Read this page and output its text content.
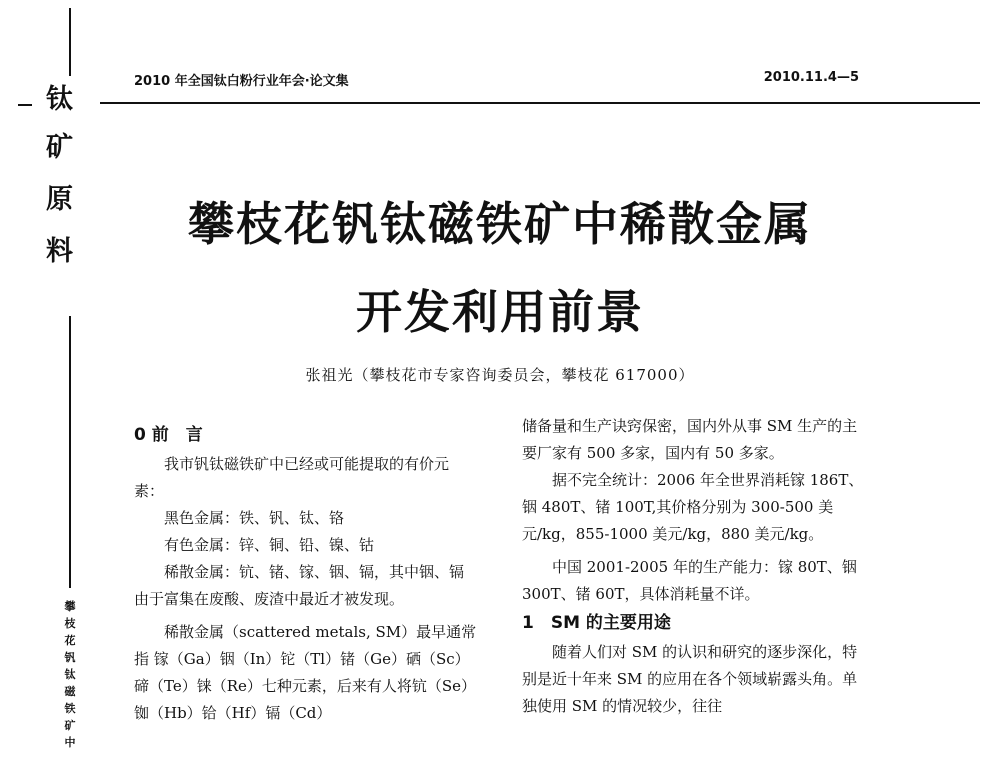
钛
矿
原
料
攀
枝
花
钒
钛
磁
铁
矿
中
2010 年全国钛白粉行业年会·论文集	2010.11.4—5
攀枝花钒钛磁铁矿中稀散金属
开发利用前景
张祖光（攀枝花市专家咨询委员会，攀枝花 617000）

0 前　言

我市钒钛磁铁矿中已经或可能提取的有价元素：

黑色金属：铁、钒、钛、铬

有色金属：锌、铜、铅、镍、钴

稀散金属：钪、锗、镓、铟、镉，其中铟、镉由于富集在废酸、废渣中最近才被发现。

稀散金属（scattered metals, SM）最早通常指 镓（Ga）铟（In）铊（Tl）锗（Ge）硒（Sc）碲（Te）铼（Re）七种元素，后来有人将钪（Se）铷（Hb）铪（Hf）镉（Cd）

储备量和生产诀窍保密，国内外从事 SM 生产的主要厂家有 500 多家，国内有 50 多家。

据不完全统计：2006 年全世界消耗镓 186T、铟 480T、锗 100T,其价格分别为 300-500 美元/kg，855-1000 美元/kg，880 美元/kg。

中国 2001-2005 年的生产能力：镓 80T、铟 300T、锗 60T，具体消耗量不详。

1　SM 的主要用途

随着人们对 SM 的认识和研究的逐步深化，特别是近十年来 SM 的应用在各个领域崭露头角。单独使用 SM 的情况较少，往往
